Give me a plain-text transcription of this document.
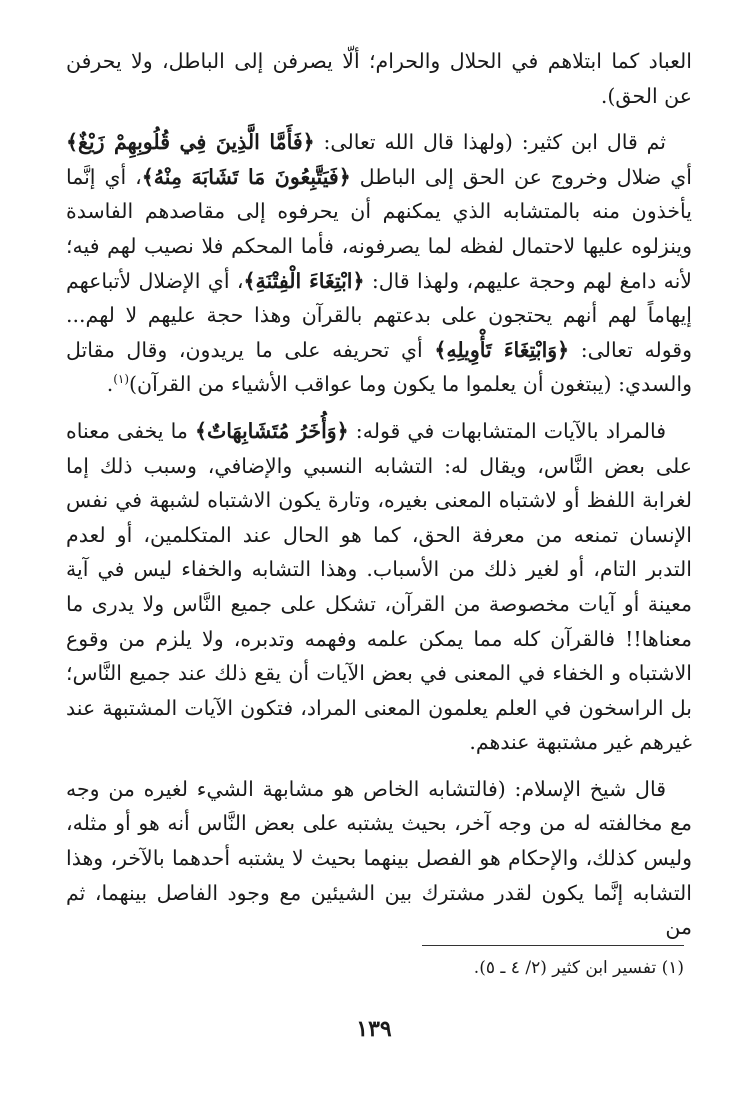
العباد كما ابتلاهم في الحلال والحرام؛ ألّا يصرفن إلى الباطل، ولا يحرفن عن الحق).

ثم قال ابن كثير: (ولهذا قال الله تعالى: ﴿فَأَمَّا الَّذِينَ فِي قُلُوبِهِمْ زَيْغٌ﴾ أي ضلال وخروج عن الحق إلى الباطل ﴿فَيَتَّبِعُونَ مَا تَشَابَهَ مِنْهُ﴾، أي إنَّما يأخذون منه بالمتشابه الذي يمكنهم أن يحرفوه إلى مقاصدهم الفاسدة وينزلوه عليها لاحتمال لفظه لما يصرفونه، فأما المحكم فلا نصيب لهم فيه؛ لأنه دامغ لهم وحجة عليهم، ولهذا قال: ﴿ابْتِغَاءَ الْفِتْنَةِ﴾، أي الإضلال لأتباعهم إيهاماً لهم أنهم يحتجون على بدعتهم بالقرآن وهذا حجة عليهم لا لهم... وقوله تعالى: ﴿وَابْتِغَاءَ تَأْوِيلِهِ﴾ أي تحريفه على ما يريدون، وقال مقاتل والسدي: (يبتغون أن يعلموا ما يكون وما عواقب الأشياء من القرآن)$^{(١)}$.

فالمراد بالآيات المتشابهات في قوله: ﴿وَأُخَرُ مُتَشَابِهَاتٌ﴾ ما يخفى معناه على بعض النَّاس، ويقال له: التشابه النسبي والإضافي، وسبب ذلك إما لغرابة اللفظ أو لاشتباه المعنى بغيره، وتارة يكون الاشتباه لشبهة في نفس الإنسان تمنعه من معرفة الحق، كما هو الحال عند المتكلمين، أو لعدم التدبر التام، أو لغير ذلك من الأسباب. وهذا التشابه والخفاء ليس في آية معينة أو آيات مخصوصة من القرآن، تشكل على جميع النَّاس ولا يدرى ما معناها!! فالقرآن كله مما يمكن علمه وفهمه وتدبره، ولا يلزم من وقوع الاشتباه و الخفاء في المعنى في بعض الآيات أن يقع ذلك عند جميع النَّاس؛ بل الراسخون في العلم يعلمون المعنى المراد، فتكون الآيات المشتبهة عند غيرهم غير مشتبهة عندهم.

قال شيخ الإسلام: (فالتشابه الخاص هو مشابهة الشيء لغيره من وجه مع مخالفته له من وجه آخر، بحيث يشتبه على بعض النَّاس أنه هو أو مثله، وليس كذلك، والإحكام هو الفصل بينهما بحيث لا يشتبه أحدهما بالآخر، وهذا التشابه إنَّما يكون لقدر مشترك بين الشيئين مع وجود الفاصل بينهما، ثم من

(١) تفسير ابن كثير (٢/ ٤ ـ ٥).
١٣٩
